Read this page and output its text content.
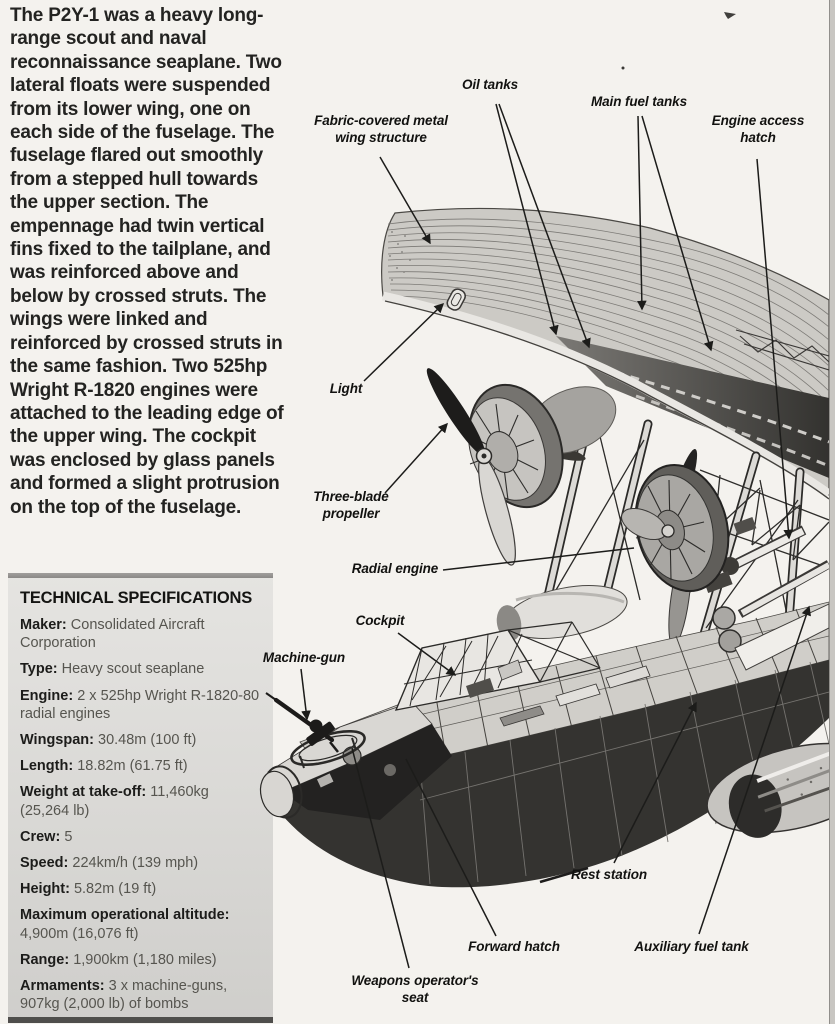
The P2Y-1 was a heavy long-range scout and naval reconnaissance seaplane. Two lateral floats were suspended from its lower wing, one on each side of the fuselage. The fuselage flared out smoothly from a stepped hull towards the upper section. The empennage had twin vertical fins fixed to the tailplane, and was reinforced above and below by crossed struts. The wings were linked and reinforced by crossed struts in the same fashion. Two 525hp Wright R-1820 engines were attached to the leading edge of the upper wing. The cockpit was enclosed by glass panels and formed a slight protrusion on the top of the fuselage.

TECHNICAL SPECIFICATIONS

Maker: Consolidated Aircraft Corporation

Type: Heavy scout seaplane

Engine: 2 x 525hp Wright R-1820-80 radial engines

Wingspan: 30.48m (100 ft)

Length: 18.82m (61.75 ft)

Weight at take-off: 11,460kg (25,264 lb)

Crew: 5

Speed: 224km/h (139 mph)

Height: 5.82m (19 ft)

Maximum operational altitude: 4,900m (16,076 ft)

Range: 1,900km (1,180 miles)

Armaments: 3 x machine-guns, 907kg (2,000 lb) of bombs

Fabric-covered metal wing structure
Oil tanks
Main fuel tanks
Engine access hatch
Light
Three-blade propeller
Radial engine
Cockpit
Machine-gun
Rest station
Forward hatch
Weapons operator's seat
Auxiliary fuel tank
